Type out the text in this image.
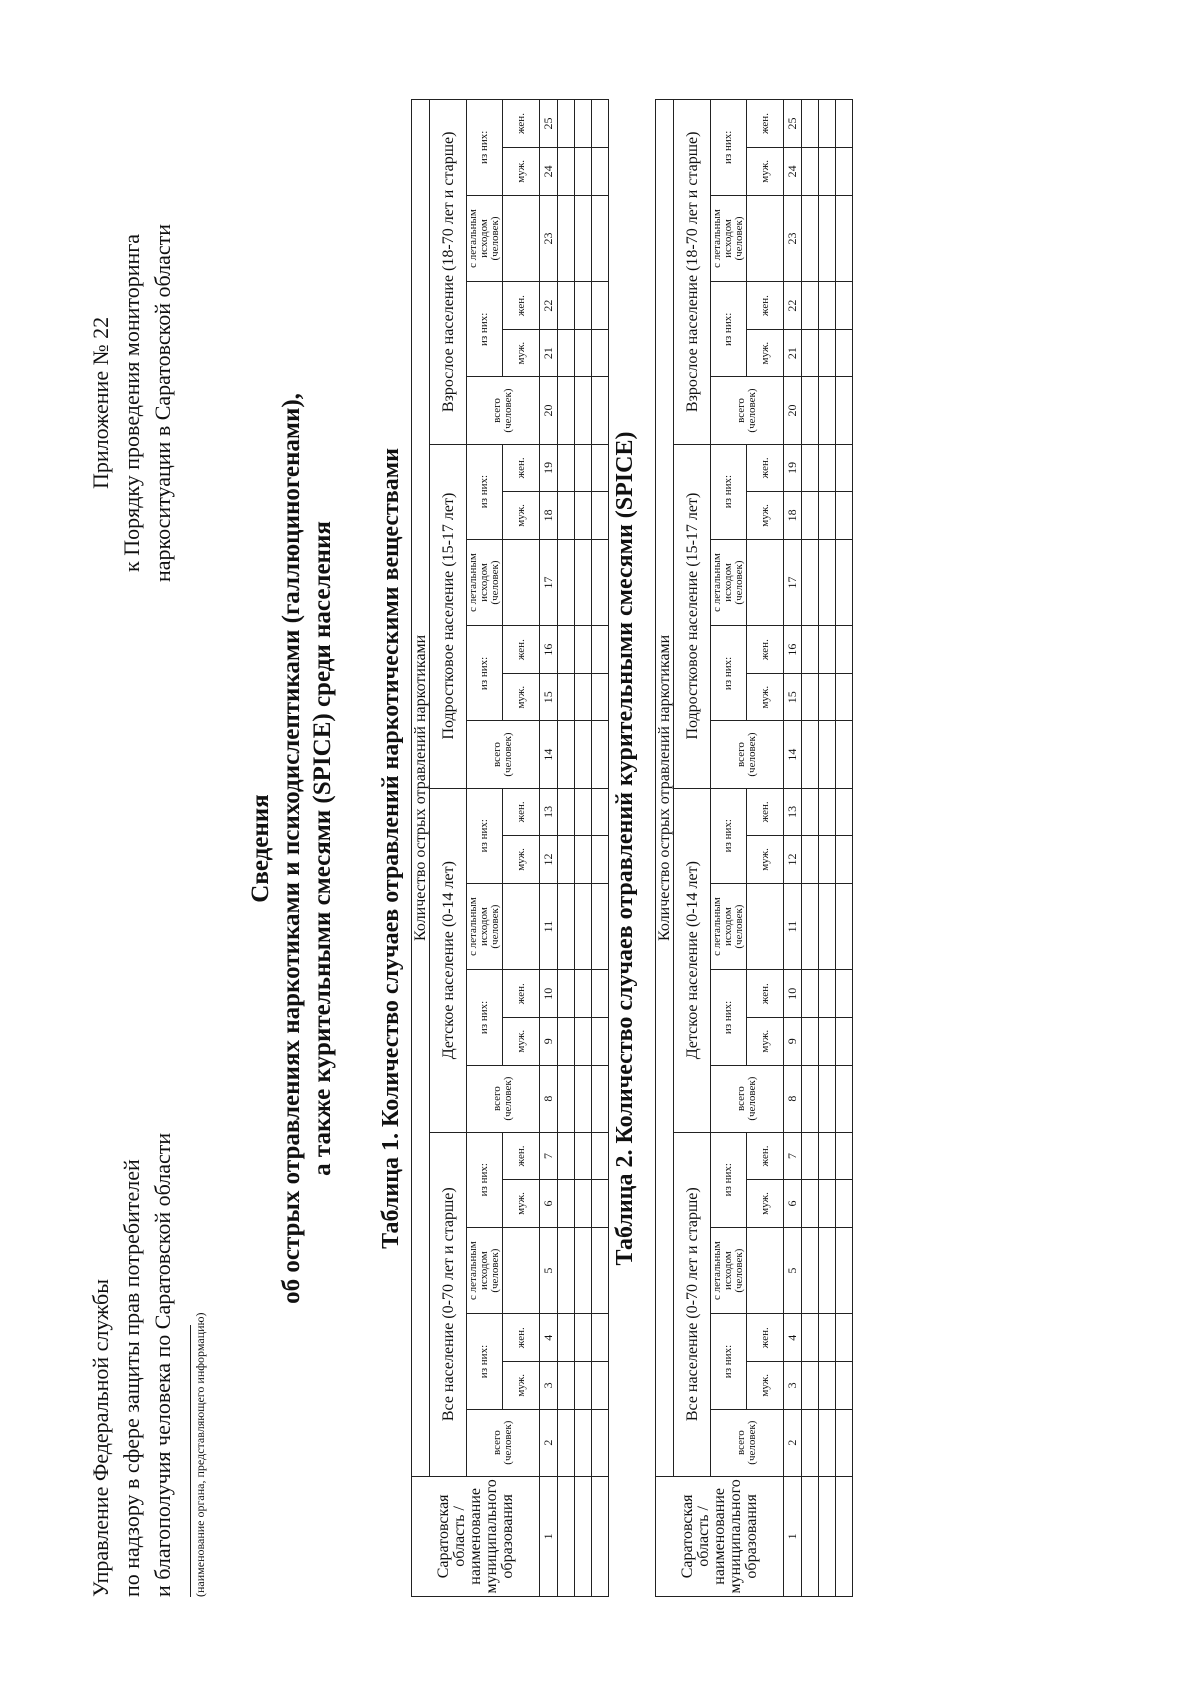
Управление Федеральной службы по надзору в сфере защиты прав потребителей и благополучия человека по Саратовской области (наименование органа, представляющего информацию)
Приложение № 22 к Порядку проведения мониторинга наркоситуации в Саратовской области
Сведения об острых отравлениях наркотиками и психодислептиками (галлюциногенами), а также курительными смесями (SPICE) среди населения Таблица 1. Количество случаев отравлений наркотическими веществами
Саратовская область / наименование муниципального образования	Количество острых отравлений наркотиками																							
	Все население (0-70 лет и старше)						Детское население (0-14 лет)						Подростковое население (15-17 лет)						Взрослое население (18-70 лет и старше)					
	всего (человек)	из них:		с летальным исходом (человек)	из них:		всего (человек)	из них:		с летальным исходом (человек)	из них:		всего (человек)	из них:		с летальным исходом (человек)	из них:		всего (человек)	из них:		с летальным исходом (человек)	из них:	
		муж.	жен.		муж.	жен.		муж.	жен.		муж.	жен.		муж.	жен.		муж.	жен.		муж.	жен.		муж.	жен.

1	2	3	4	5	6	7	8	9	10	11	12	13	14	15	16	17	18	19	20	21	22	23	24	25

Таблица 2. Количество случаев отравлений курительными смесями (SPICE)
Саратовская область / наименование муниципального образования	Количество острых отравлений наркотиками																							
	Все население (0-70 лет и старше)						Детское население (0-14 лет)						Подростковое население (15-17 лет)						Взрослое население (18-70 лет и старше)					
	всего (человек)	из них:		с летальным исходом (человек)	из них:		всего (человек)	из них:		с летальным исходом (человек)	из них:		всего (человек)	из них:		с летальным исходом (человек)	из них:		всего (человек)	из них:		с летальным исходом (человек)	из них:	
		муж.	жен.		муж.	жен.		муж.	жен.		муж.	жен.		муж.	жен.		муж.	жен.		муж.	жен.		муж.	жен.

1	2	3	4	5	6	7	8	9	10	11	12	13	14	15	16	17	18	19	20	21	22	23	24	25
